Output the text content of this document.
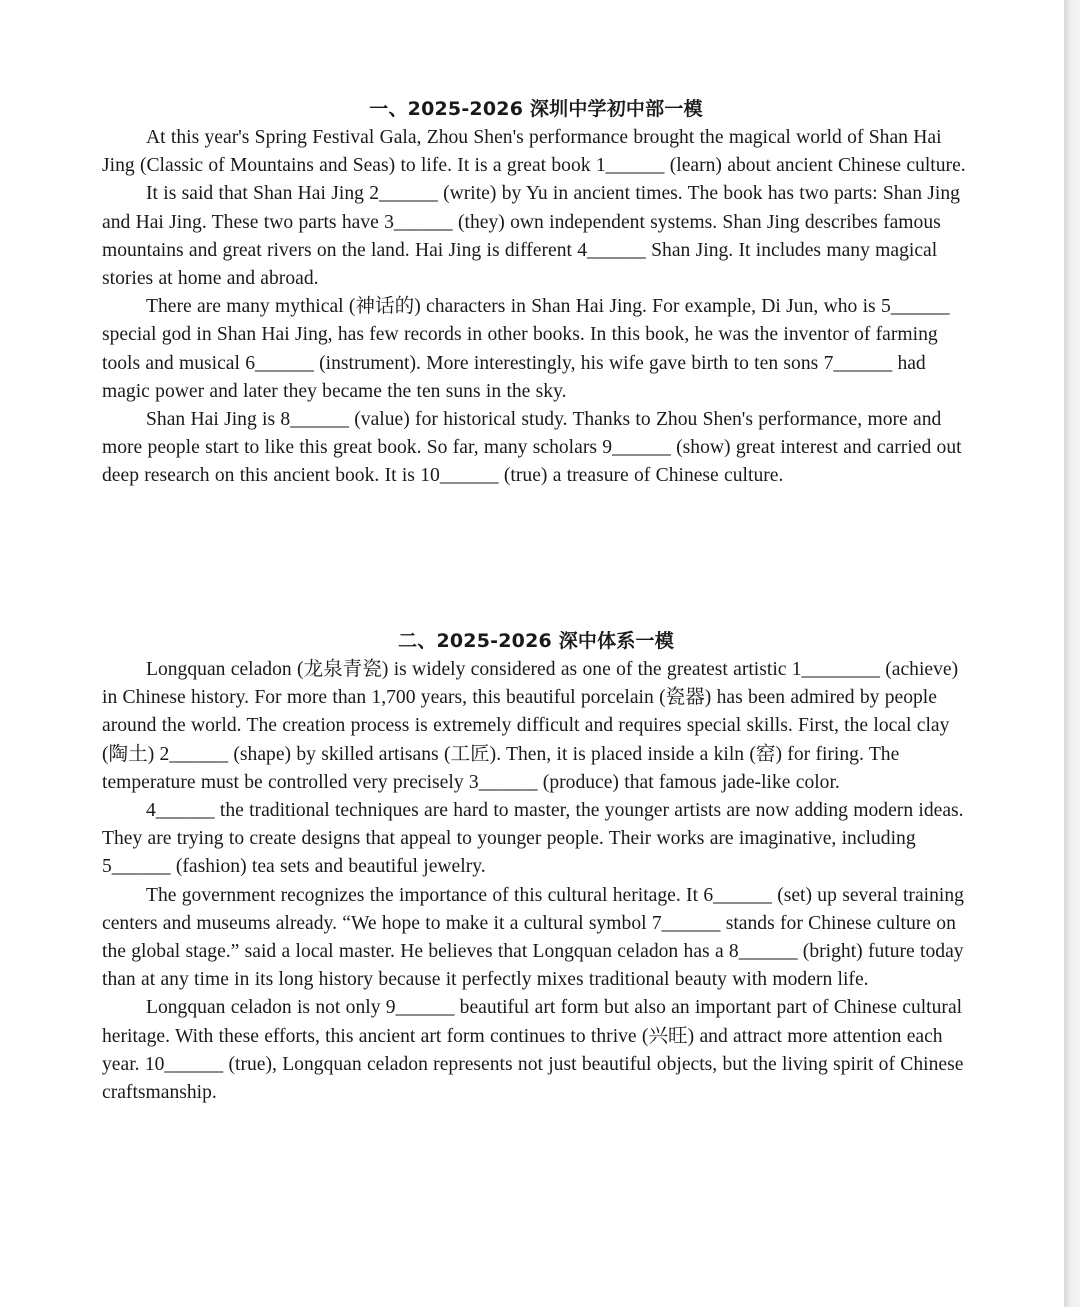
一、2025-2026 深圳中学初中部一模

At this year's Spring Festival Gala, Zhou Shen's performance brought the magical world of Shan Hai Jing (Classic of Mountains and Seas) to life. It is a great book 1______ (learn) about ancient Chinese culture.

It is said that Shan Hai Jing 2______ (write) by Yu in ancient times. The book has two parts: Shan Jing and Hai Jing. These two parts have 3______ (they) own independent systems. Shan Jing describes famous mountains and great rivers on the land. Hai Jing is different 4______ Shan Jing. It includes many magical stories at home and abroad.

There are many mythical (神话的) characters in Shan Hai Jing. For example, Di Jun, who is 5______ special god in Shan Hai Jing, has few records in other books. In this book, he was the inventor of farming tools and musical 6______ (instrument). More interestingly, his wife gave birth to ten sons 7______ had magic power and later they became the ten suns in the sky.

Shan Hai Jing is 8______ (value) for historical study. Thanks to Zhou Shen's performance, more and more people start to like this great book. So far, many scholars 9______ (show) great interest and carried out deep research on this ancient book. It is 10______ (true) a treasure of Chinese culture.

二、2025-2026 深中体系一模

Longquan celadon (龙泉青瓷) is widely considered as one of the greatest artistic 1________ (achieve) in Chinese history. For more than 1,700 years, this beautiful porcelain (瓷器) has been admired by people around the world. The creation process is extremely difficult and requires special skills. First, the local clay (陶土) 2______ (shape) by skilled artisans (工匠). Then, it is placed inside a kiln (窑) for firing. The temperature must be controlled very precisely 3______ (produce) that famous jade-like color.

4______ the traditional techniques are hard to master, the younger artists are now adding modern ideas. They are trying to create designs that appeal to younger people. Their works are imaginative, including 5______ (fashion) tea sets and beautiful jewelry.

The government recognizes the importance of this cultural heritage. It 6______ (set) up several training centers and museums already. “We hope to make it a cultural symbol 7______ stands for Chinese culture on the global stage.” said a local master. He believes that Longquan celadon has a 8______ (bright) future today than at any time in its long history because it perfectly mixes traditional beauty with modern life.

Longquan celadon is not only 9______ beautiful art form but also an important part of Chinese cultural heritage. With these efforts, this ancient art form continues to thrive (兴旺) and attract more attention each year. 10______ (true), Longquan celadon represents not just beautiful objects, but the living spirit of Chinese craftsmanship.
